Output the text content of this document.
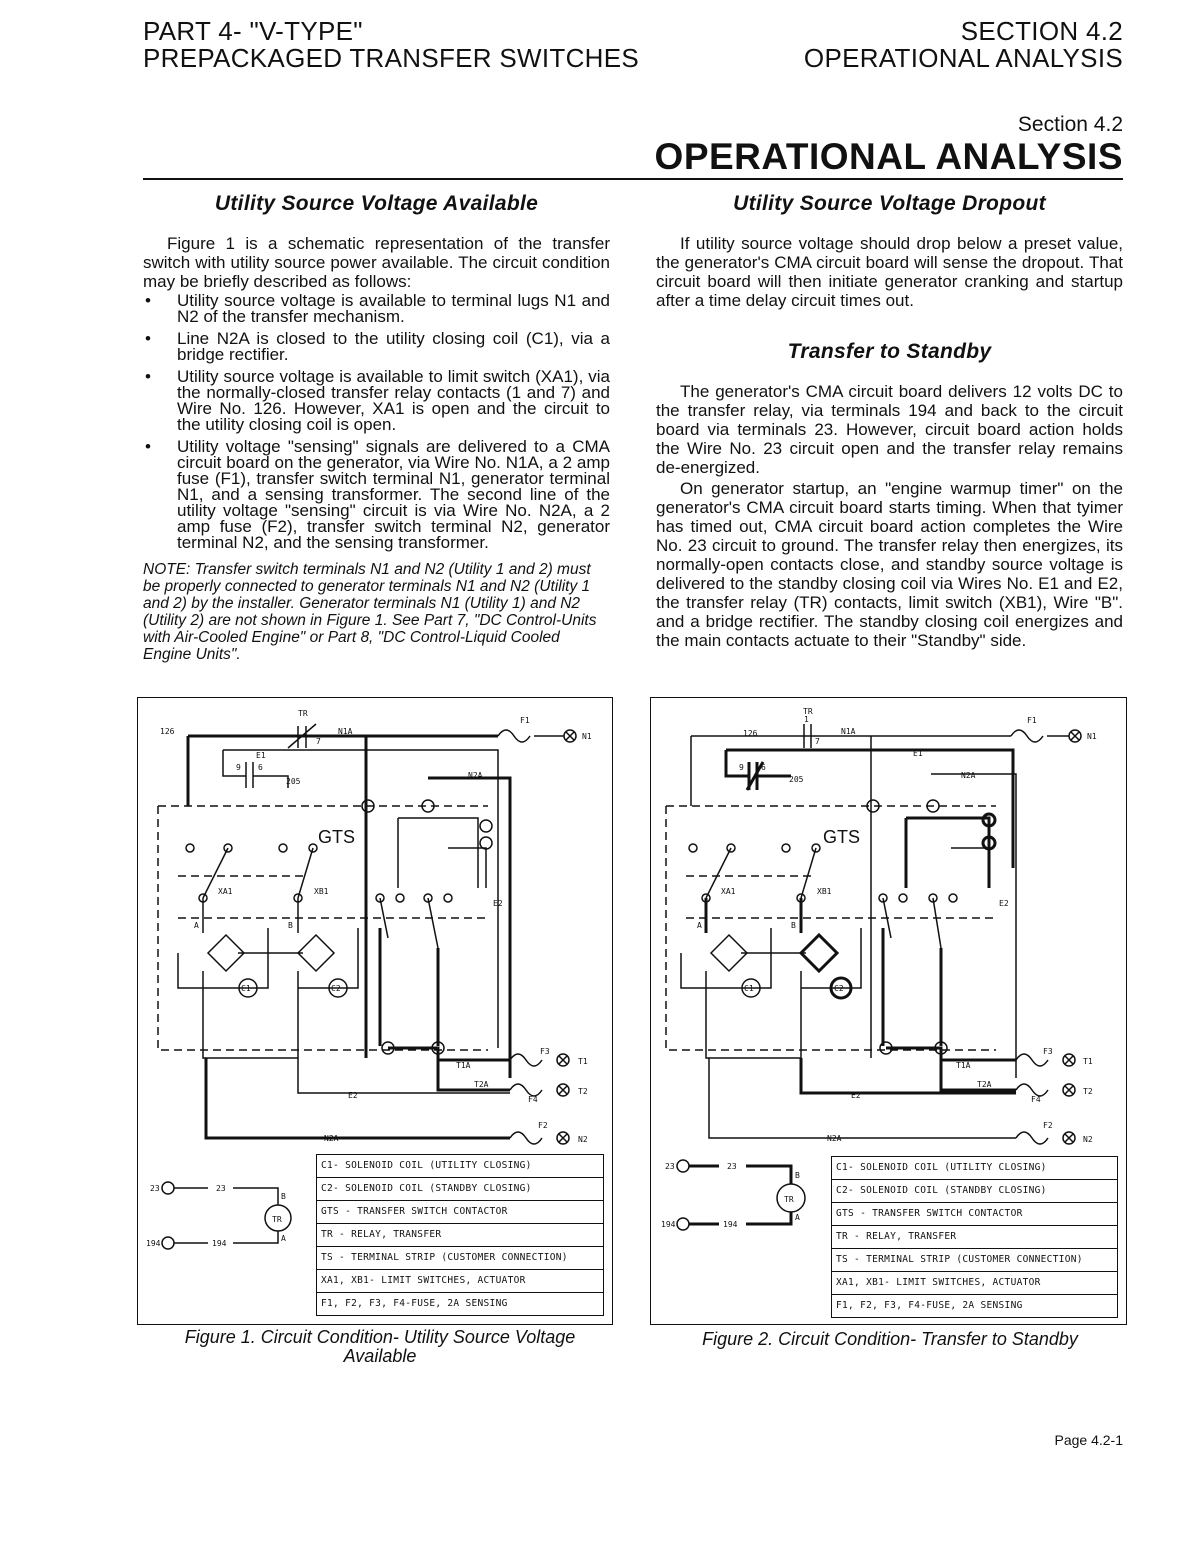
PART 4- "V-TYPE"
PREPACKAGED TRANSFER SWITCHES
SECTION 4.2
OPERATIONAL ANALYSIS
Section 4.2
OPERATIONAL ANALYSIS
Utility Source Voltage Available

Figure 1 is a schematic representation of the transfer switch with utility source power available. The circuit condition may be briefly described as follows:

• Utility source voltage is available to terminal lugs N1 and N2 of the transfer mechanism.
• Line N2A is closed to the utility closing coil (C1), via a bridge rectifier.
• Utility source voltage is available to limit switch (XA1), via the normally-closed transfer relay contacts (1 and 7) and Wire No. 126. However, XA1 is open and the circuit to the utility closing coil is open.
• Utility voltage "sensing" signals are delivered to a CMA circuit board on the generator, via Wire No. N1A, a 2 amp fuse (F1), transfer switch terminal N1, generator terminal N1, and a sensing transformer. The second line of the utility voltage "sensing" circuit is via Wire No. N2A, a 2 amp fuse (F2), transfer switch terminal N2, generator terminal N2, and the sensing transformer.
NOTE: Transfer switch terminals N1 and N2 (Utility 1 and 2) must be properly connected to generator terminals N1 and N2 (Utility 1 and 2) by the installer. Generator terminals N1 (Utility 1) and N2 (Utility 2) are not shown in Figure 1. See Part 7, "DC Control-Units with Air-Cooled Engine" or Part 8, "DC Control-Liquid Cooled Engine Units".
Utility Source Voltage Dropout

If utility source voltage should drop below a preset value, the generator's CMA circuit board will sense the dropout. That circuit board will then initiate generator cranking and startup after a time delay circuit times out.

Transfer to Standby

The generator's CMA circuit board delivers 12 volts DC to the transfer relay, via terminals 194 and back to the circuit board via terminals 23. However, circuit board action holds the Wire No. 23 circuit open and the transfer relay remains de-energized.

On generator startup, an "engine warmup timer" on the generator's CMA circuit board starts timing. When that tyimer has timed out, CMA circuit board action completes the Wire No. 23 circuit to ground. The transfer relay then energizes, its normally-open contacts close, and standby source voltage is delivered to the standby closing coil via Wires No. E1 and E2, the transfer relay (TR) contacts, limit switch (XB1), Wire "B". and a bridge rectifier. The standby closing coil energizes and the main contacts actuate to their "Standby" side.

TR
126	N1A
F1
N1
E1
9 6
7
205
N2A
GTS
XA1	XB1
A	B
C1	C2
E2
E2
F3
T1
T1A
T2A
T2
F4
F2
N2
N2A
TR
23	23
194	194
B
A
C1- SOLENOID COIL (UTILITY CLOSING)
C2- SOLENOID COIL (STANDBY CLOSING)
GTS - TRANSFER SWITCH CONTACTOR
TR - RELAY, TRANSFER
TS - TERMINAL STRIP (CUSTOMER CONNECTION)
XA1, XB1- LIMIT SWITCHES, ACTUATOR
F1, F2, F3, F4-FUSE, 2A SENSING
TR
126	N1A
F1
N1
E1
9 6
1
7
205	N2A
GTS
XA1	XB1
A	B
C1	C2
E2
E2
F3
T1
T1A
T2A
T2
F4
F2
N2
N2A
TR
23	23
194	194
B
A
C1- SOLENOID COIL (UTILITY CLOSING)
C2- SOLENOID COIL (STANDBY CLOSING)
GTS - TRANSFER SWITCH CONTACTOR
TR - RELAY, TRANSFER
TS - TERMINAL STRIP (CUSTOMER CONNECTION)
XA1, XB1- LIMIT SWITCHES, ACTUATOR
F1, F2, F3, F4-FUSE, 2A SENSING
Figure 1. Circuit Condition- Utility Source Voltage Available
Figure 2. Circuit Condition- Transfer to Standby
Page 4.2-1
